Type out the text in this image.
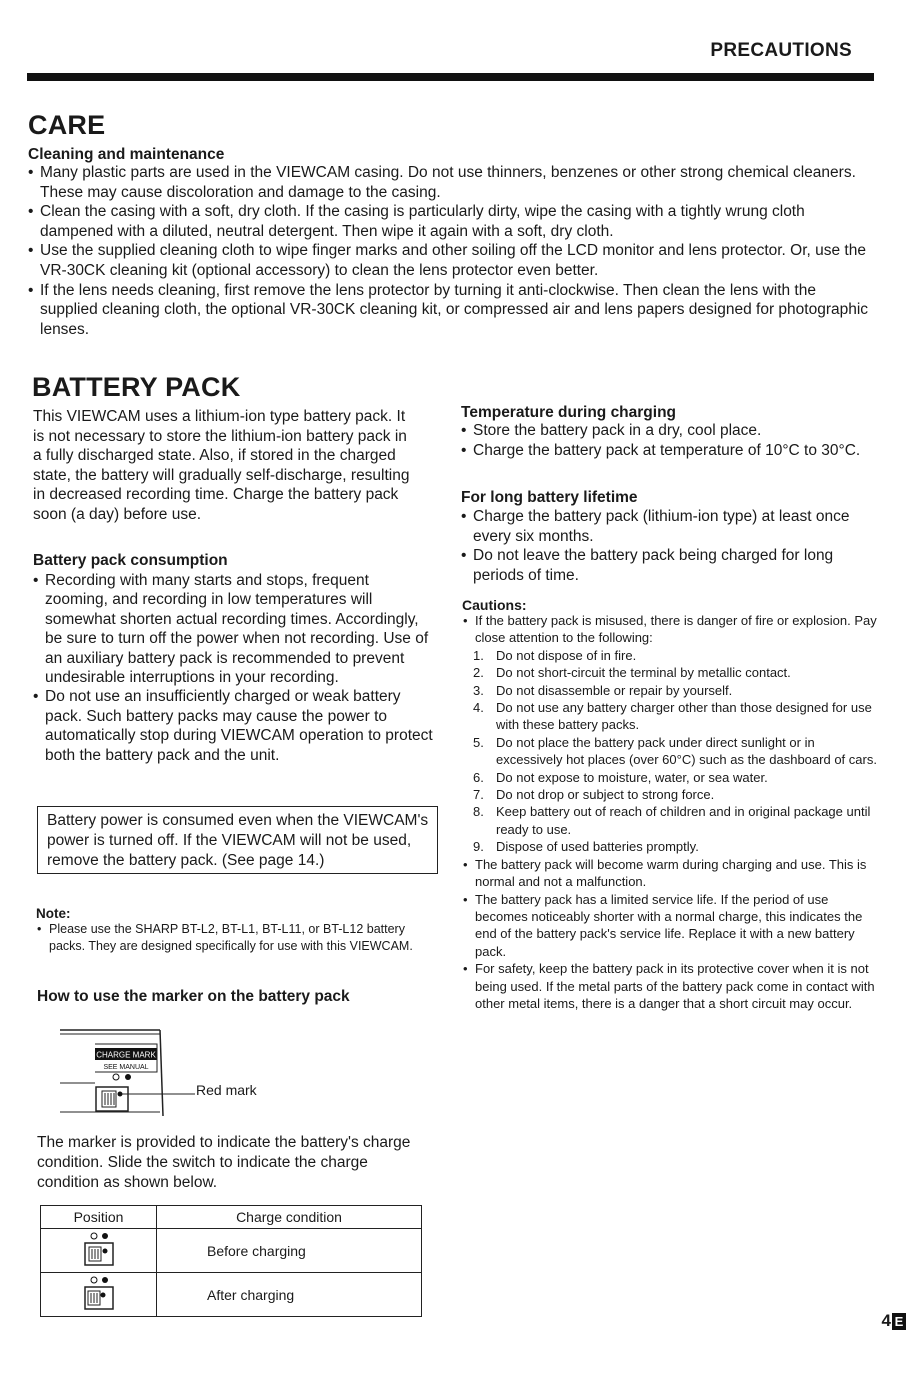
PRECAUTIONS
CARE
Cleaning and maintenance
• Many plastic parts are used in the VIEWCAM casing. Do not use thinners, benzenes or other strong chemical cleaners. These may cause discoloration and damage to the casing.
• Clean the casing with a soft, dry cloth. If the casing is particularly dirty, wipe the casing with a tightly wrung cloth dampened with a diluted, neutral detergent. Then wipe it again with a soft, dry cloth.
• Use the supplied cleaning cloth to wipe finger marks and other soiling off the LCD monitor and lens protector. Or, use the VR-30CK cleaning kit (optional accessory) to clean the lens protector even better.
• If the lens needs cleaning, first remove the lens protector by turning it anti-clockwise. Then clean the lens with the supplied cleaning cloth, the optional VR-30CK cleaning kit, or compressed air and lens papers designed for photographic lenses.
BATTERY PACK

This VIEWCAM uses a lithium-ion type battery pack. It is not necessary to store the lithium-ion battery pack in a fully discharged state. Also, if stored in the charged state, the battery will gradually self-discharge, resulting in decreased recording time. Charge the battery pack soon (a day) before use.

Battery pack consumption
• Recording with many starts and stops, frequent zooming, and recording in low temperatures will somewhat shorten actual recording times. Accordingly, be sure to turn off the power when not recording. Use of an auxiliary battery pack is recommended to prevent undesirable interruptions in your recording.
• Do not use an insufficiently charged or weak battery pack. Such battery packs may cause the power to automatically stop during VIEWCAM operation to protect both the battery pack and the unit.
Battery power is consumed even when the VIEWCAM's power is turned off. If the VIEWCAM will not be used, remove the battery pack. (See page 14.)
Note:
• Please use the SHARP BT-L2, BT-L1, BT-L11, or BT-L12 battery packs. They are designed specifically for use with this VIEWCAM.
How to use the marker on the battery pack
CHARGE MARK
SEE MANUAL
Red mark

The marker is provided to indicate the battery's charge condition. Slide the switch to indicate the charge condition as shown below.

Position	Charge condition
	Before charging
	After charging
Temperature during charging
• Store the battery pack in a dry, cool place.
• Charge the battery pack at temperature of 10°C to 30°C.
For long battery lifetime
• Charge the battery pack (lithium-ion type) at least once every six months.
• Do not leave the battery pack being charged for long periods of time.
Cautions:
• If the battery pack is misused, there is danger of fire or explosion. Pay close attention to the following:
1. Do not dispose of in fire.
2. Do not short-circuit the terminal by metallic contact.
3. Do not disassemble or repair by yourself.
4. Do not use any battery charger other than those designed for use with these battery packs.
5. Do not place the battery pack under direct sunlight or in excessively hot places (over 60°C) such as the dashboard of cars.
6. Do not expose to moisture, water, or sea water.
7. Do not drop or subject to strong force.
8. Keep battery out of reach of children and in original package until ready to use.
9. Dispose of used batteries promptly.
• The battery pack will become warm during charging and use. This is normal and not a malfunction.
• The battery pack has a limited service life. If the period of use becomes noticeably shorter with a normal charge, this indicates the end of the battery pack's service life. Replace it with a new battery pack.
• For safety, keep the battery pack in its protective cover when it is not being used. If the metal parts of the battery pack come in contact with other metal items, there is a danger that a short circuit may occur.
4 E
